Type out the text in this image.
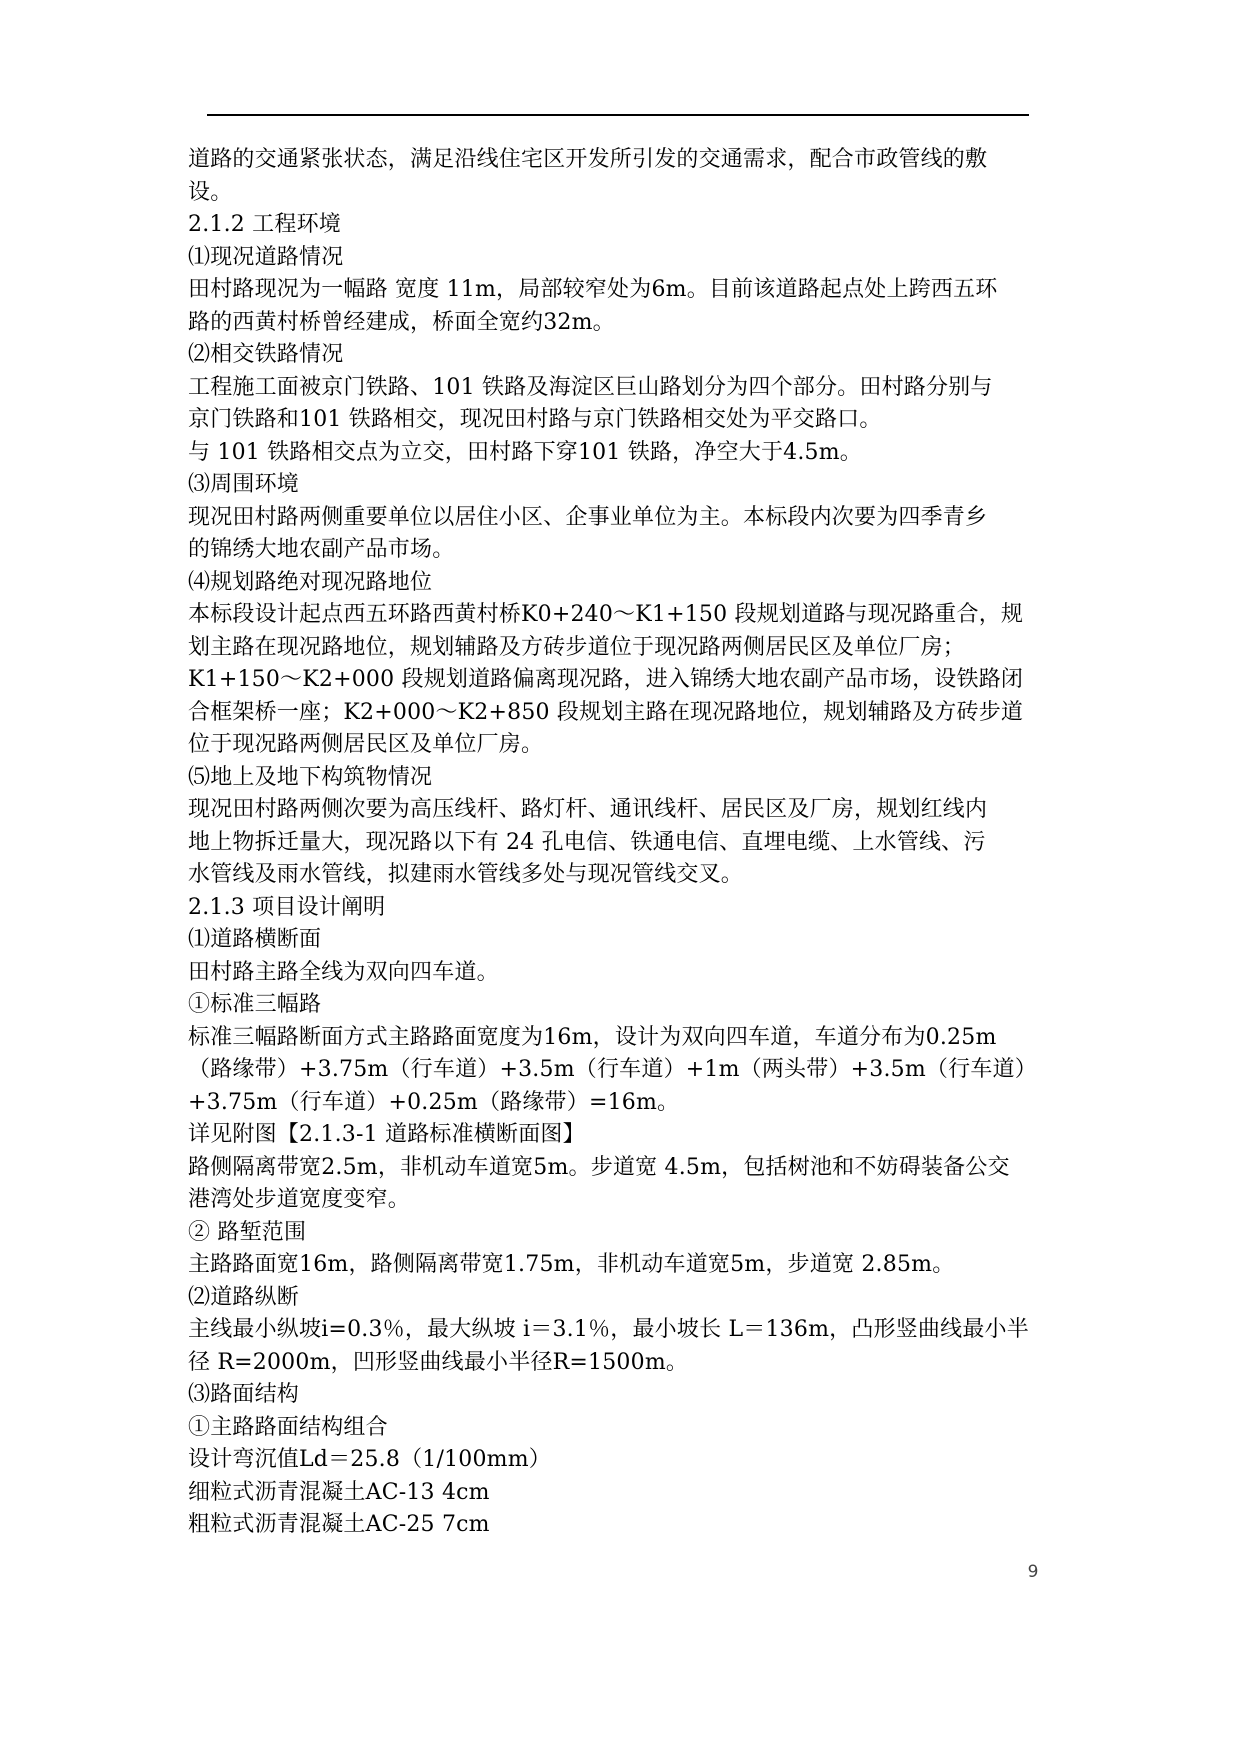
道路的交通紧张状态，满足沿线住宅区开发所引发的交通需求，配合市政管线的敷
设。
2.1.2 工程环境
⑴现况道路情况
田村路现况为一幅路 宽度 11m，局部较窄处为6m。目前该道路起点处上跨西五环
路的西黄村桥曾经建成，桥面全宽约32m。
⑵相交铁路情况
工程施工面被京门铁路、101 铁路及海淀区巨山路划分为四个部分。田村路分别与
京门铁路和101 铁路相交，现况田村路与京门铁路相交处为平交路口。
与 101 铁路相交点为立交，田村路下穿101 铁路，净空大于4.5m。
⑶周围环境
现况田村路两侧重要单位以居住小区、企事业单位为主。本标段内次要为四季青乡
的锦绣大地农副产品市场。
⑷规划路绝对现况路地位
本标段设计起点西五环路西黄村桥K0+240～K1+150 段规划道路与现况路重合，规
划主路在现况路地位，规划辅路及方砖步道位于现况路两侧居民区及单位厂房；
K1+150～K2+000 段规划道路偏离现况路，进入锦绣大地农副产品市场，设铁路闭
合框架桥一座；K2+000～K2+850 段规划主路在现况路地位，规划辅路及方砖步道
位于现况路两侧居民区及单位厂房。
⑸地上及地下构筑物情况
现况田村路两侧次要为高压线杆、路灯杆、通讯线杆、居民区及厂房，规划红线内
地上物拆迁量大，现况路以下有 24 孔电信、铁通电信、直埋电缆、上水管线、污
水管线及雨水管线，拟建雨水管线多处与现况管线交叉。
2.1.3 项目设计阐明
⑴道路横断面
田村路主路全线为双向四车道。
①标准三幅路
标准三幅路断面方式主路路面宽度为16m，设计为双向四车道，车道分布为0.25m
（路缘带）+3.75m（行车道）+3.5m（行车道）+1m（两头带）+3.5m（行车道）
+3.75m（行车道）+0.25m（路缘带）=16m。
详见附图【2.1.3-1 道路标准横断面图】
路侧隔离带宽2.5m，非机动车道宽5m。步道宽 4.5m，包括树池和不妨碍装备公交
港湾处步道宽度变窄。
② 路堑范围
主路路面宽16m，路侧隔离带宽1.75m，非机动车道宽5m，步道宽 2.85m。
⑵道路纵断
主线最小纵坡i=0.3％，最大纵坡 i＝3.1％，最小坡长 L＝136m，凸形竖曲线最小半
径 R=2000m，凹形竖曲线最小半径R=1500m。
⑶路面结构
①主路路面结构组合
设计弯沉值Ld＝25.8（1/100mm）
细粒式沥青混凝土AC-13 4cm
粗粒式沥青混凝土AC-25 7cm
9
